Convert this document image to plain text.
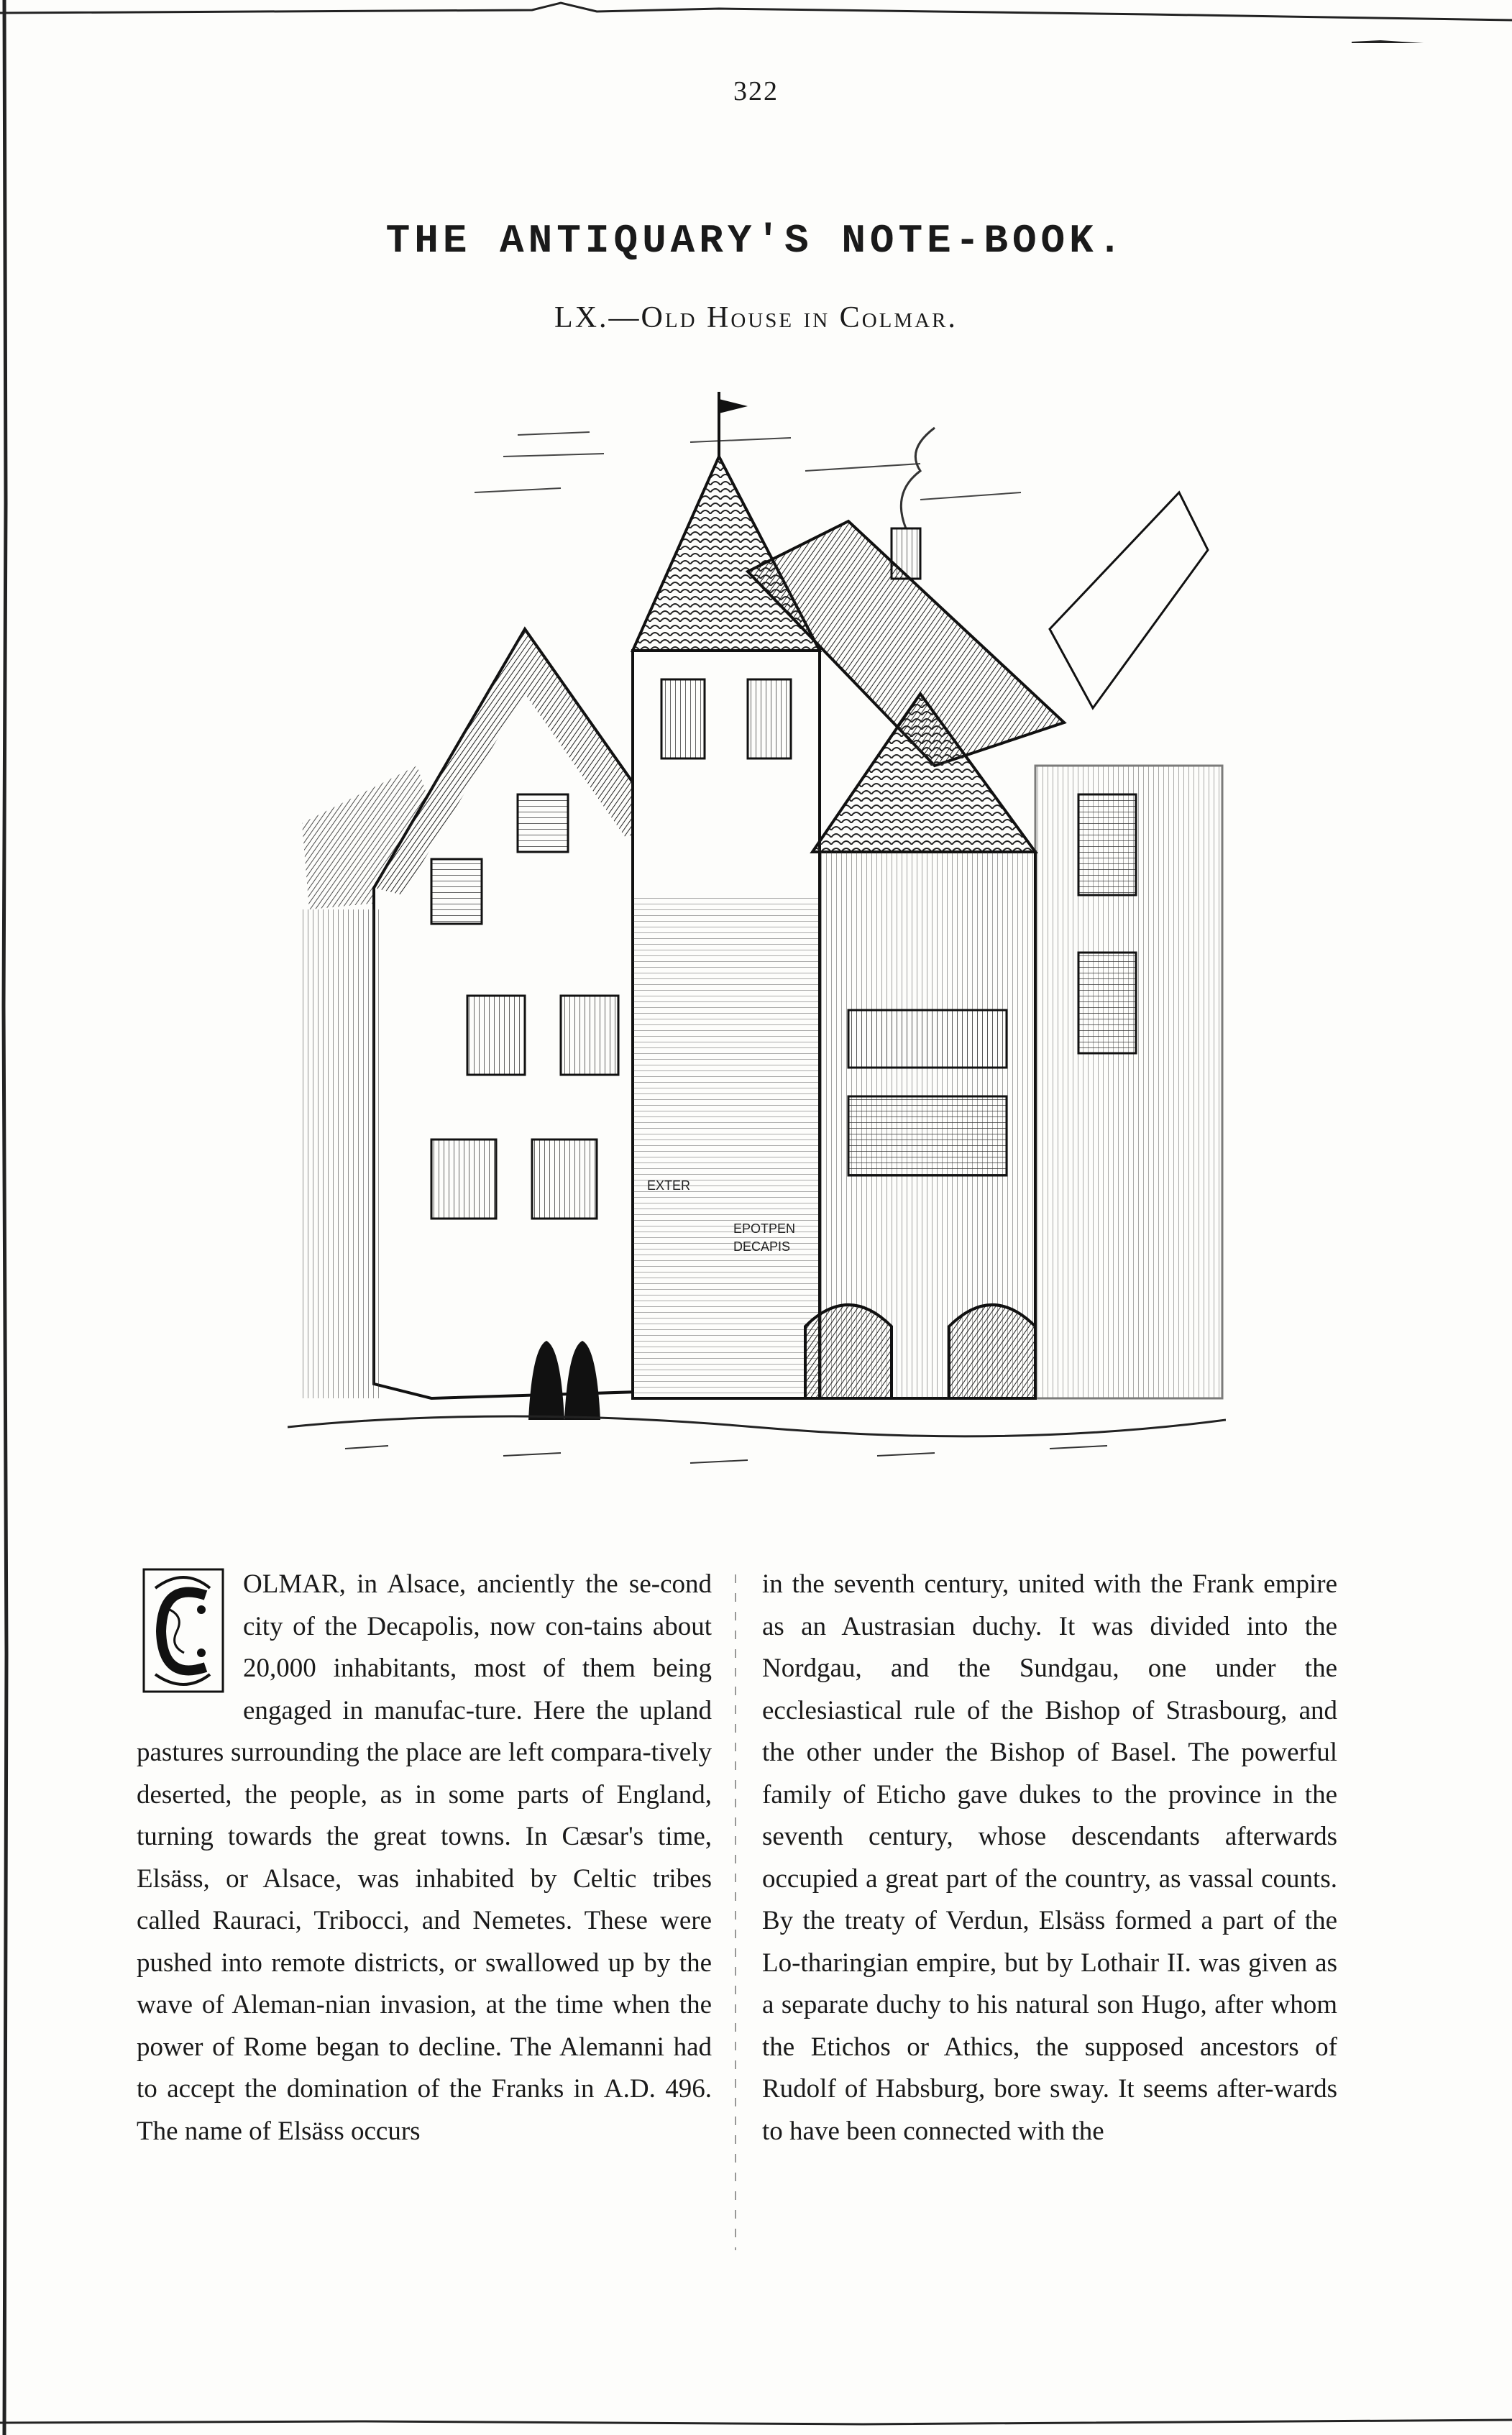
322
THE ANTIQUARY'S NOTE-BOOK.
LX.—Old House in Colmar.
EXTER
EPOTPEN
DECAPIS

OLMAR, in Alsace, anciently the se-cond city of the Decapolis, now con-tains about 20,000 inhabitants, most of them being engaged in manufac-ture. Here the upland pastures surrounding the place are left compara-tively deserted, the people, as in some parts of England, turning towards the great towns. In Cæsar's time, Elsäss, or Alsace, was inhabited by Celtic tribes called Rauraci, Tribocci, and Nemetes. These were pushed into remote districts, or swallowed up by the wave of Aleman-nian invasion, at the time when the power of Rome began to decline. The Alemanni had to accept the domination of the Franks in A.D. 496. The name of Elsäss occurs

in the seventh century, united with the Frank empire as an Austrasian duchy. It was divided into the Nordgau, and the Sundgau, one under the ecclesiastical rule of the Bishop of Strasbourg, and the other under the Bishop of Basel. The powerful family of Eticho gave dukes to the province in the seventh century, whose descendants afterwards occupied a great part of the country, as vassal counts. By the treaty of Verdun, Elsäss formed a part of the Lo-tharingian empire, but by Lothair II. was given as a separate duchy to his natural son Hugo, after whom the Etichos or Athics, the supposed ancestors of Rudolf of Habsburg, bore sway. It seems after-wards to have been connected with the
